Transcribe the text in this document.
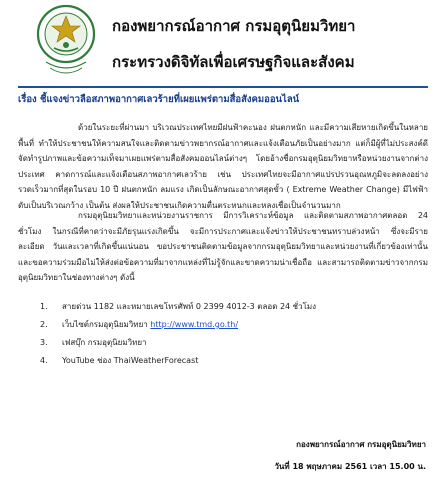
กองพยากรณ์อากาศ กรมอุตุนิยมวิทยา
กระทรวงดิจิทัลเพื่อเศรษฐกิจและสังคม
เรื่อง ชี้แจงข่าวลือสภาพอากาศเลวร้ายที่เผยแพร่ตามสื่อสังคมออนไลน์

ด้วยในระยะที่ผ่านมา บริเวณประเทศไทยมีฝนฟ้าคะนอง ฝนตกหนัก และมีความเสียหายเกิดขึ้นในหลายพื้นที่ ทำให้ประชาชนให้ความสนใจและติดตามข่าวพยากรณ์อากาศและแจ้งเตือนภัยเป็นอย่างมาก แต่ก็มีผู้ที่ไม่ประสงค์ดีจัดทำรูปภาพและข้อความเท็จมาเผยแพร่ตามสื่อสังคมออนไลน์ต่างๆ โดยอ้างชื่อกรมอุตุนิยมวิทยาหรือหน่วยงานจากต่างประเทศ คาดการณ์และแจ้งเตือนสภาพอากาศเลวร้าย เช่น ประเทศไทยจะมีอากาศแปรปรวนอุณหภูมิจะลดลงอย่างรวดเร็วมากที่สุดในรอบ 10 ปี ฝนตกหนัก ลมแรง เกิดเป็นลักษณะอากาศสุดขั้ว ( Extreme Weather Change) มีไฟฟ้าดับเป็นบริเวณกว้าง เป็นต้น ส่งผลให้ประชาชนเกิดความตื่นตระหนกและหลงเชื่อเป็นจำนวนมาก

กรมอุตุนิยมวิทยาและหน่วยงานราชการ มีการวิเคราะห์ข้อมูล และติดตามสภาพอากาศตลอด 24 ชั่วโมง ในกรณีที่คาดว่าจะมีภัยรุนแรงเกิดขึ้น จะมีการประกาศและแจ้งข่าวให้ประชาชนทราบล่วงหน้า ซึ่งจะมีรายละเอียด วันและเวลาที่เกิดขึ้นแน่นอน ขอประชาชนติดตามข้อมูลจากกรมอุตุนิยมวิทยาและหน่วยงานที่เกี่ยวข้องเท่านั้น และขอความร่วมมือไม่ให้ส่งต่อข้อความที่มาจากแหล่งที่ไม่รู้จักและขาดความน่าเชื่อถือ และสามารถติดตามข่าวจากกรมอุตุนิยมวิทยาในช่องทางต่างๆ ดังนี้

1. สายด่วน 1182 และหมายเลขโทรศัพท์ 0 2399 4012-3 ตลอด 24 ชั่วโมง
2. เว็บไซต์กรมอุตุนิยมวิทยา http://www.tmd.go.th/
3. เฟสบุ๊ก กรมอุตุนิยมวิทยา
4. YouTube ช่อง ThaiWeatherForecast
กองพยากรณ์อากาศ กรมอุตุนิยมวิทยา
วันที่ 18 พฤษภาคม 2561 เวลา 15.00 น.
